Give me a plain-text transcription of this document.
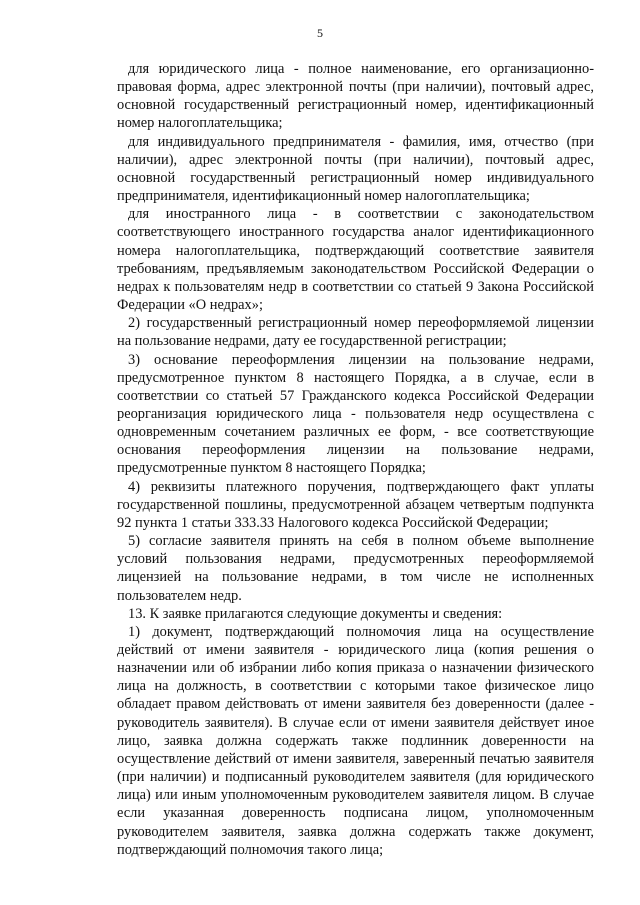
5

для юридического лица - полное наименование, его организационно-правовая форма, адрес электронной почты (при наличии), почтовый адрес, основной государственный регистрационный номер, идентификационный номер налогоплательщика;

для индивидуального предпринимателя - фамилия, имя, отчество (при наличии), адрес электронной почты (при наличии), почтовый адрес, основной государственный регистрационный номер индивидуального предпринимателя, идентификационный номер налогоплательщика;

для иностранного лица - в соответствии с законодательством соответствующего иностранного государства аналог идентификационного номера налогоплательщика, подтверждающий соответствие заявителя требованиям, предъявляемым законодательством Российской Федерации о недрах к пользователям недр в соответствии со статьей 9 Закона Российской Федерации «О недрах»;

2) государственный регистрационный номер переоформляемой лицензии на пользование недрами, дату ее государственной регистрации;

3) основание переоформления лицензии на пользование недрами, предусмотренное пунктом 8 настоящего Порядка, а в случае, если в соответствии со статьей 57 Гражданского кодекса Российской Федерации реорганизация юридического лица - пользователя недр осуществлена с одновременным сочетанием различных ее форм, - все соответствующие основания переоформления лицензии на пользование недрами, предусмотренные пунктом 8 настоящего Порядка;

4) реквизиты платежного поручения, подтверждающего факт уплаты государственной пошлины, предусмотренной абзацем четвертым подпункта 92 пункта 1 статьи 333.33 Налогового кодекса Российской Федерации;

5) согласие заявителя принять на себя в полном объеме выполнение условий пользования недрами, предусмотренных переоформляемой лицензией на пользование недрами, в том числе не исполненных пользователем недр.

13. К заявке прилагаются следующие документы и сведения:

1) документ, подтверждающий полномочия лица на осуществление действий от имени заявителя - юридического лица (копия решения о назначении или об избрании либо копия приказа о назначении физического лица на должность, в соответствии с которыми такое физическое лицо обладает правом действовать от имени заявителя без доверенности (далее - руководитель заявителя). В случае если от имени заявителя действует иное лицо, заявка должна содержать также подлинник доверенности на осуществление действий от имени заявителя, заверенный печатью заявителя (при наличии) и подписанный руководителем заявителя (для юридического лица) или иным уполномоченным руководителем заявителя лицом. В случае если указанная доверенность подписана лицом, уполномоченным руководителем заявителя, заявка должна содержать также документ, подтверждающий полномочия такого лица;
